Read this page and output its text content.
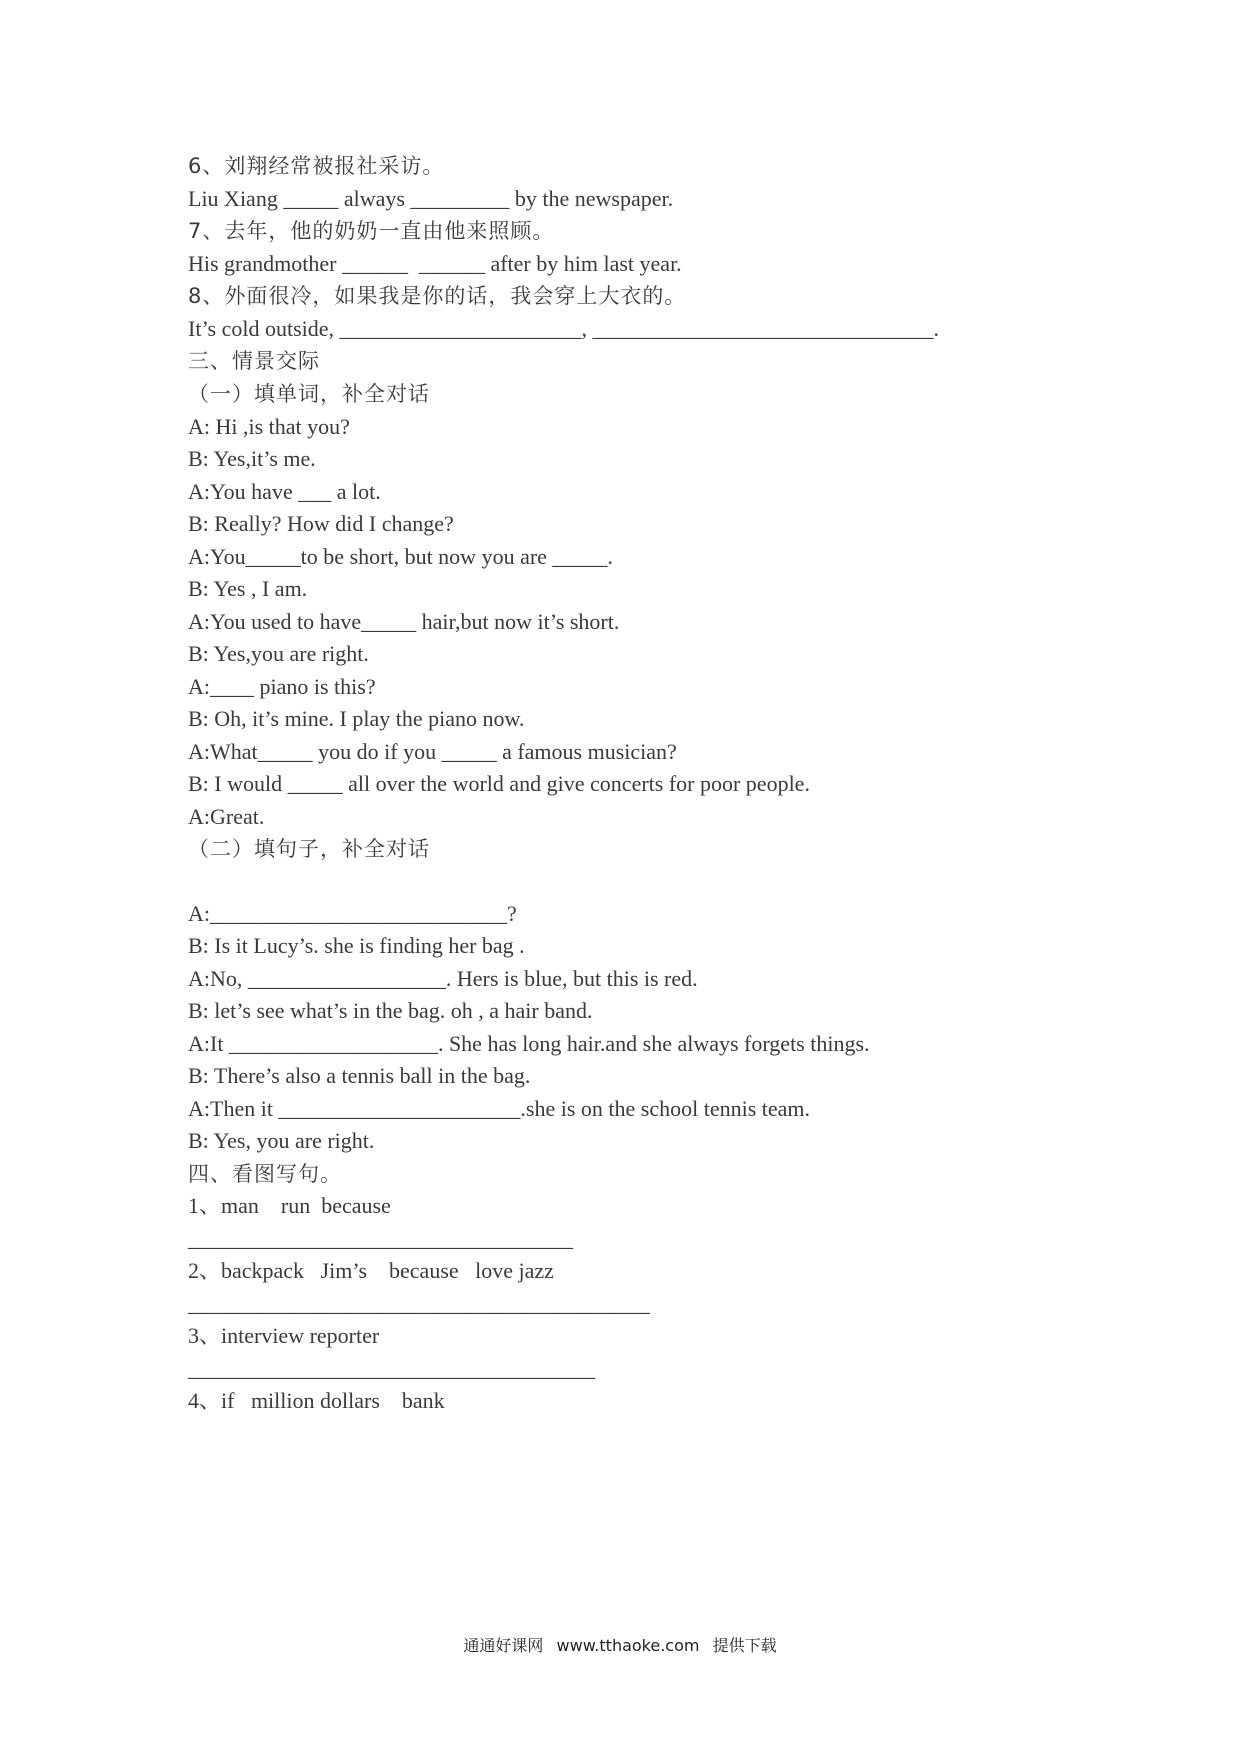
6、刘翔经常被报社采访。
Liu Xiang _____ always _________ by the newspaper.
7、去年，他的奶奶一直由他来照顾。
His grandmother ______  ______ after by him last year.
8、外面很冷，如果我是你的话，我会穿上大衣的。
It’s cold outside, ______________________, _______________________________.
三、情景交际
（一）填单词，补全对话
A: Hi ,is that you?
B: Yes,it’s me.
A:You have ___ a lot.
B: Really? How did I change?
A:You_____to be short, but now you are _____.
B: Yes , I am.
A:You used to have_____ hair,but now it’s short.
B: Yes,you are right.
A:____ piano is this?
B: Oh, it’s mine. I play the piano now.
A:What_____ you do if you _____ a famous musician?
B: I would _____ all over the world and give concerts for poor people.
A:Great.
（二）填句子，补全对话
A:___________________________?
B: Is it Lucy’s. she is finding her bag .
A:No, __________________. Hers is blue, but this is red.
B: let’s see what’s in the bag. oh , a hair band.
A:It ___________________. She has long hair.and she always forgets things.
B: There’s also a tennis ball in the bag.
A:Then it ______________________.she is on the school tennis team.
B: Yes, you are right.
四、看图写句。
1、man    run  because
___________________________________
2、backpack   Jim’s    because   love jazz
__________________________________________
3、interview reporter
_____________________________________
4、if   million dollars    bank
通通好课网 www.tthaoke.com 提供下载
